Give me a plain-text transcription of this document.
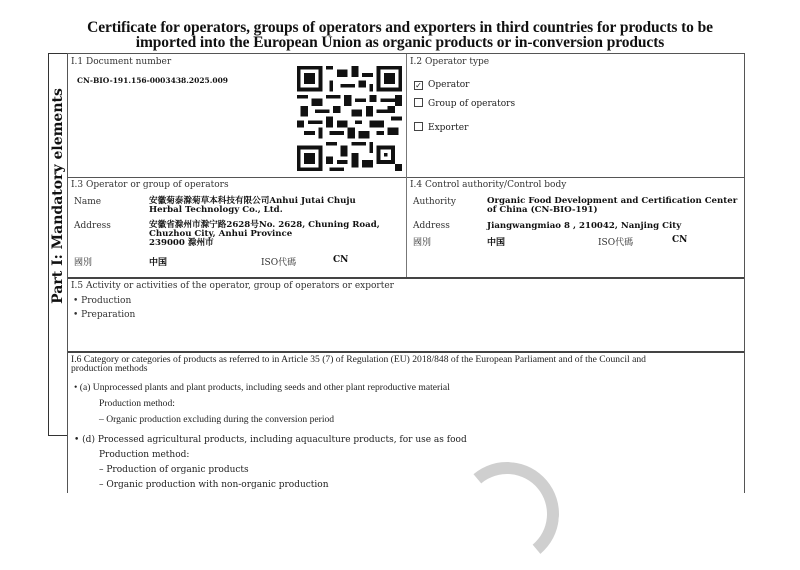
Certificate for operators, groups of operators and exporters in third countries for products to be
imported into the European Union as organic products or in-conversion products
Part I: Mandatory elements
I.1 Document number
CN-BIO-191.156-0003438.2025.009
I.2 Operator type
✓ Operator
Group of operators
Exporter
I.3 Operator or group of operators
Name	安徽菊泰滁菊草本科技有限公司Anhui Jutai Chuju
Herbal Technology Co., Ltd.
Address	安徽省滁州市滁宁路2628号No. 2628, Chuning Road,
Chuzhou City, Anhui Province
239000 滁州市
國別	中国	ISO代碼	CN
I.4 Control authority/Control body
Authority	Organic Food Development and Certification Center
of China (CN-BIO-191)
Address	Jiangwangmiao 8 , 210042, Nanjing City
國別	中国	ISO代碼	CN
I.5 Activity or activities of the operator, group of operators or exporter
• Production
• Preparation
I.6 Category or categories of products as referred to in Article 35 (7) of Regulation (EU) 2018/848 of the European Parliament and of the Council and
production methods
• (a) Unprocessed plants and plant products, including seeds and other plant reproductive material
Production method:
– Organic production excluding during the conversion period
• (d) Processed agricultural products, including aquaculture products, for use as food
Production method:
– Production of organic products
– Organic production with non-organic production
